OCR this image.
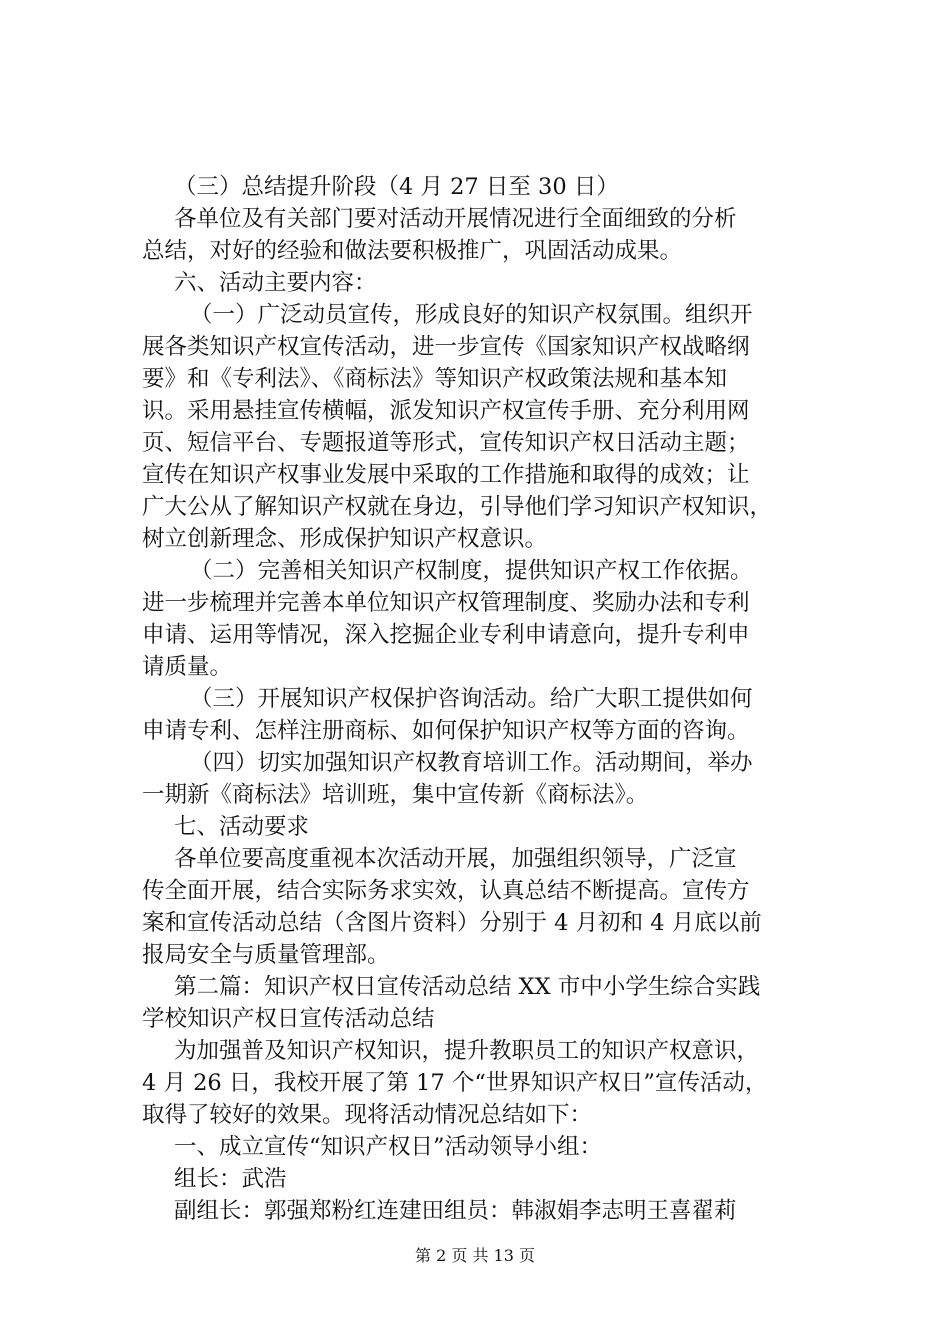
（三）总结提升阶段（4 月 27 日至 30 日）
各单位及有关部门要对活动开展情况进行全面细致的分析
总结，对好的经验和做法要积极推广，巩固活动成果。
六、活动主要内容：
（一）广泛动员宣传，形成良好的知识产权氛围。组织开
展各类知识产权宣传活动，进一步宣传《国家知识产权战略纲
要》和《专利法》、《商标法》等知识产权政策法规和基本知
识。采用悬挂宣传横幅，派发知识产权宣传手册、充分利用网
页、短信平台、专题报道等形式，宣传知识产权日活动主题；
宣传在知识产权事业发展中采取的工作措施和取得的成效；让
广大公从了解知识产权就在身边，引导他们学习知识产权知识，
树立创新理念、形成保护知识产权意识。
（二）完善相关知识产权制度，提供知识产权工作依据。
进一步梳理并完善本单位知识产权管理制度、奖励办法和专利
申请、运用等情况，深入挖掘企业专利申请意向，提升专利申
请质量。
（三）开展知识产权保护咨询活动。给广大职工提供如何
申请专利、怎样注册商标、如何保护知识产权等方面的咨询。
（四）切实加强知识产权教育培训工作。活动期间，举办
一期新《商标法》培训班，集中宣传新《商标法》。
七、活动要求
各单位要高度重视本次活动开展，加强组织领导，广泛宣
传全面开展，结合实际务求实效，认真总结不断提高。宣传方
案和宣传活动总结（含图片资料）分别于 4 月初和 4 月底以前
报局安全与质量管理部。
第二篇：知识产权日宣传活动总结 XX 市中小学生综合实践
学校知识产权日宣传活动总结
为加强普及知识产权知识，提升教职员工的知识产权意识，
4 月 26 日，我校开展了第 17 个“世界知识产权日”宣传活动，
取得了较好的效果。现将活动情况总结如下：
一、成立宣传“知识产权日”活动领导小组：
组长：武浩
副组长：郭强郑粉红连建田组员：韩淑娟李志明王喜翟莉
第 2 页 共 13 页
